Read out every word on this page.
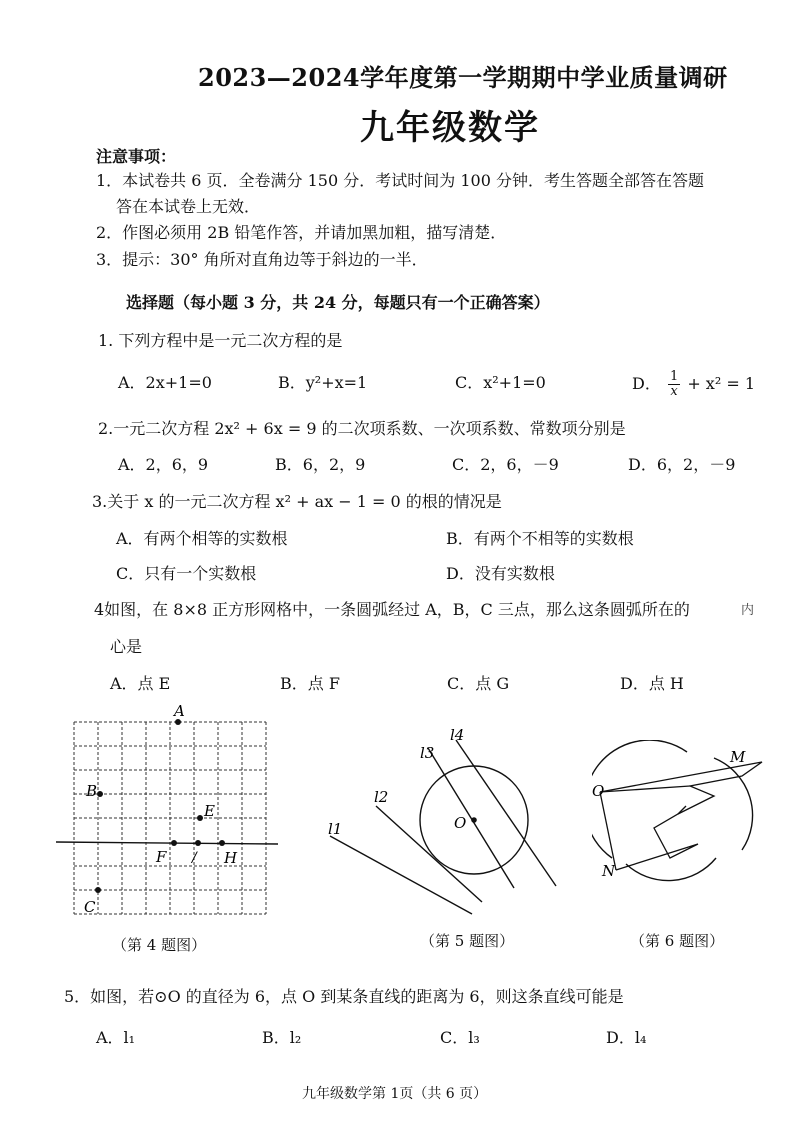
2023—2024学年度第一学期期中学业质量调研
九年级数学
注意事项：
1．本试卷共 6 页．全卷满分 150 分．考试时间为 100 分钟．考生答题全部答在答题
答在本试卷上无效．
2．作图必须用 2B 铅笔作答，并请加黑加粗，描写清楚．
3．提示：30° 角所对直角边等于斜边的一半．
选择题（每小题 3 分，共 24 分，每题只有一个正确答案）
1. 下列方程中是一元二次方程的是
A．2x+1=0	B．y²+x=1	C．x²+1=0	D． $\frac{1}{x} + x^2 = 1$
2.一元二次方程 2x² + 6x = 9 的二次项系数、一次项系数、常数项分别是
A．2，6，9	B．6，2，9	C．2，6，－9	D．6，2，－9
3.关于 x 的一元二次方程 x² + ax − 1 = 0 的根的情况是
A．有两个相等的实数根	B．有两个不相等的实数根
C．只有一个实数根	D．没有实数根
4如图，在 8×8 正方形网格中，一条圆弧经过 A，B，C 三点，那么这条圆弧所在的	内
心是
A．点 E	B．点 F	C．点 G	D．点 H
A
B
C
E
F / H
（第 4 题图）
l1
l2
l3
l4
O
（第 5 题图）
O
M
N
（第 6 题图）
5．如图，若⊙O 的直径为 6，点 O 到某条直线的距离为 6，则这条直线可能是
A．l₁	B．l₂	C．l₃	D．l₄
九年级数学第 1页（共 6 页）
